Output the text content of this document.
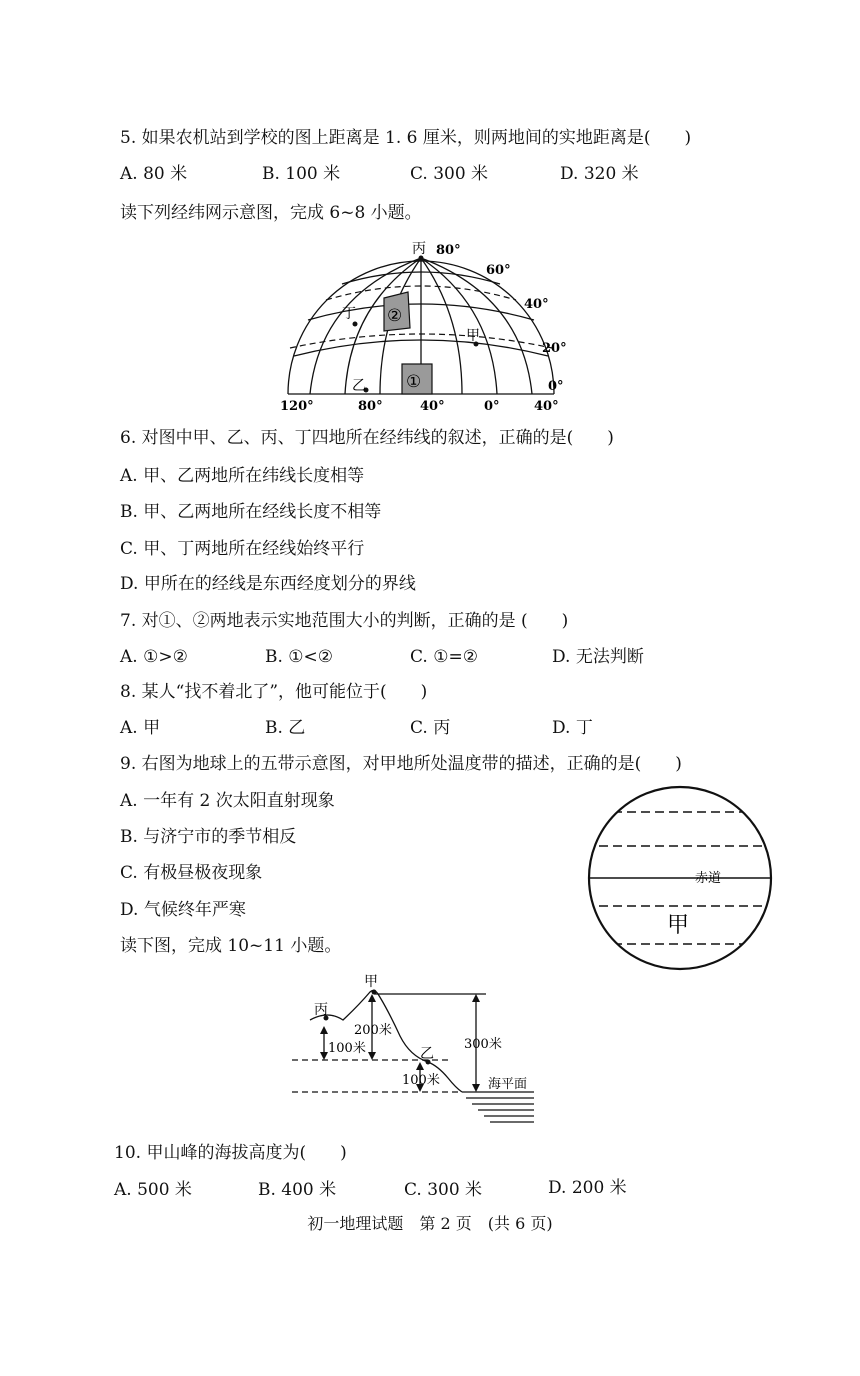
5. 如果农机站到学校的图上距离是 1. 6 厘米，则两地间的实地距离是(　　)
A. 80 米	B. 100 米	C. 300 米	D. 320 米
读下列经纬网示意图，完成 6~8 小题。
丙 80°
60°
40°
20°
0°
丁
甲
乙
②
①
120°	80°	40°	0°	40°
6. 对图中甲、乙、丙、丁四地所在经纬线的叙述，正确的是(　　)
A. 甲、乙两地所在纬线长度相等
B. 甲、乙两地所在经线长度不相等
C. 甲、丁两地所在经线始终平行
D. 甲所在的经线是东西经度划分的界线
7. 对①、②两地表示实地范围大小的判断，正确的是 (　　)
A. ①>②	B. ①<②	C. ①=②	D. 无法判断
8. 某人“找不着北了”，他可能位于(　　)
A. 甲	B. 乙	C. 丙	D. 丁
9. 右图为地球上的五带示意图，对甲地所处温度带的描述，正确的是(　　)
A. 一年有 2 次太阳直射现象
B. 与济宁市的季节相反
C. 有极昼极夜现象
D. 气候终年严寒
赤道
甲
读下图，完成 10~11 小题。
甲
丙
乙
200米
100米
100米
300米
海平面
10. 甲山峰的海拔高度为(　　)
A. 500 米	B. 400 米	C. 300 米	D. 200 米
初一地理试题　第 2 页　(共 6 页)
